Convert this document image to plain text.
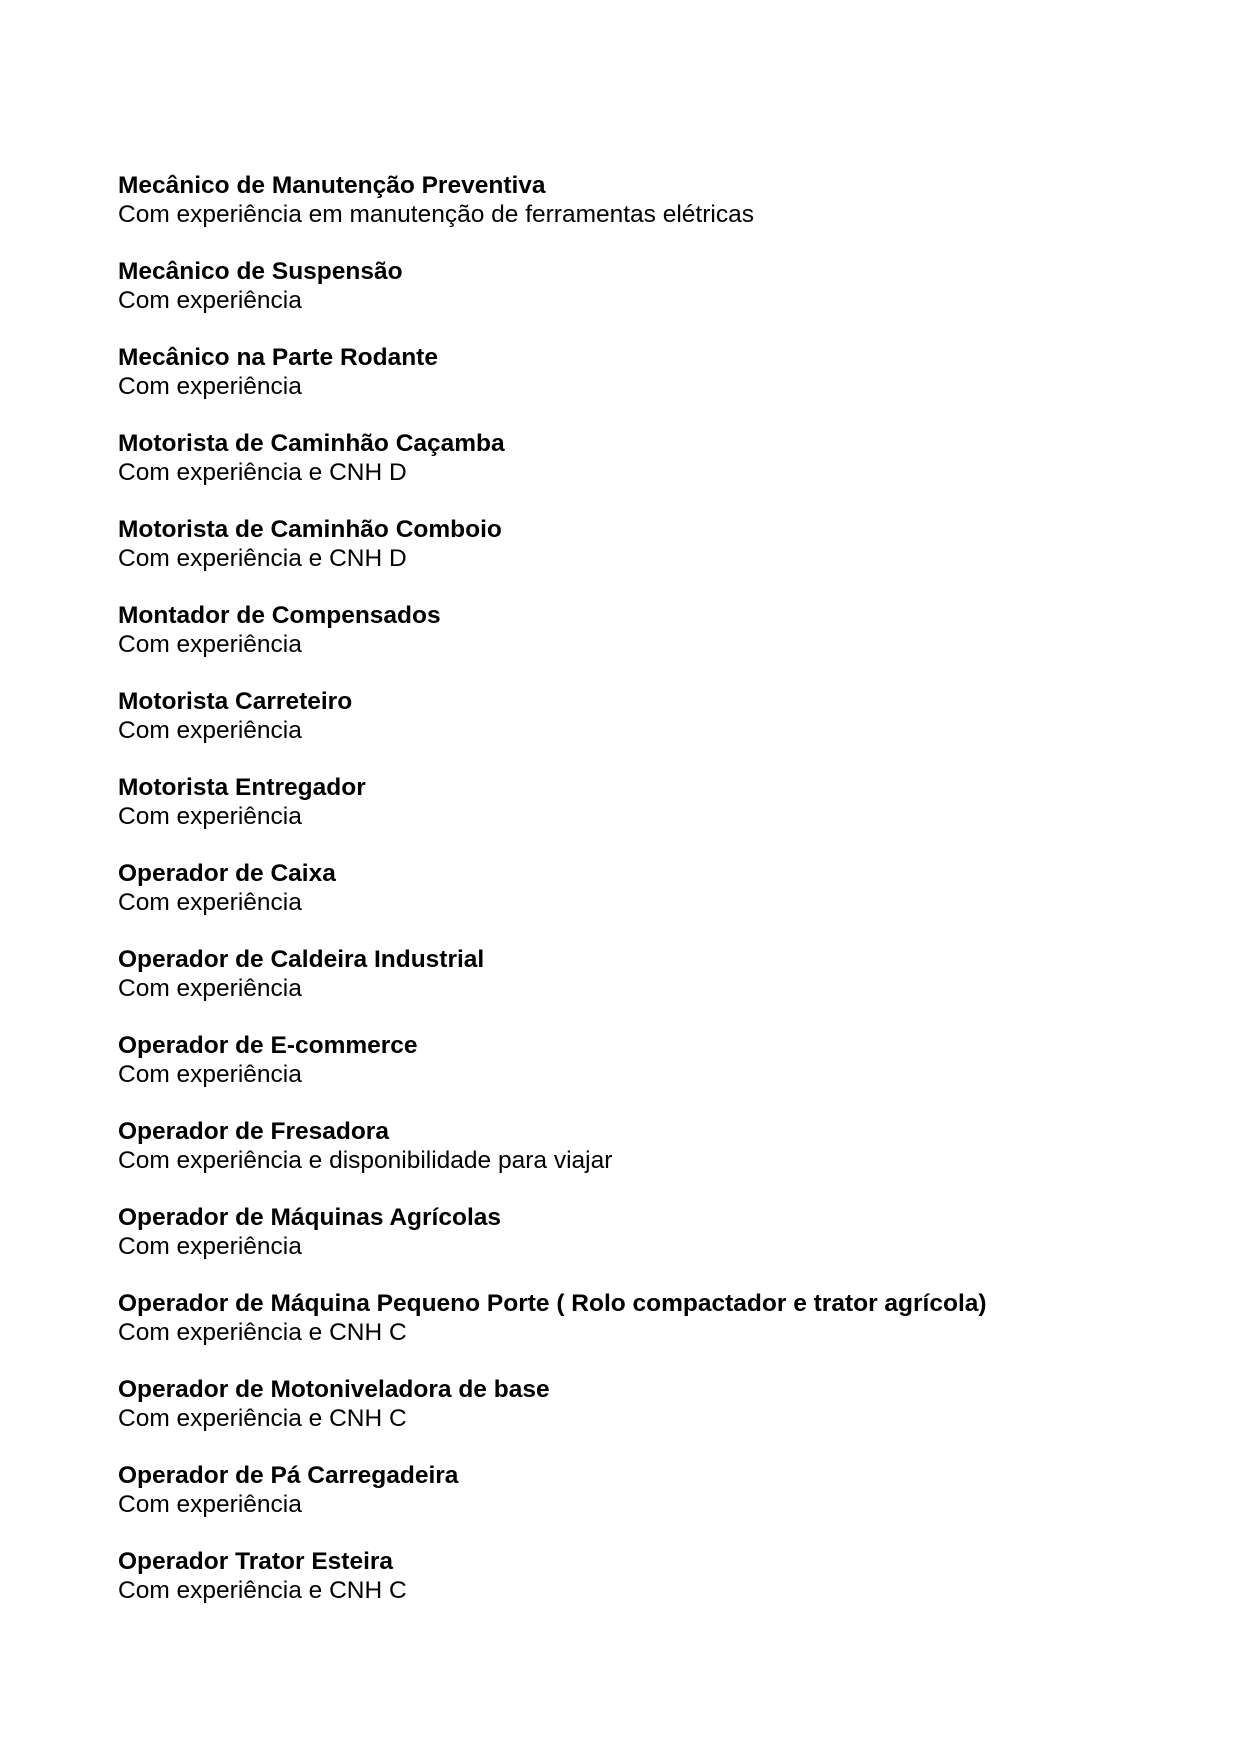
Mecânico de Manutenção Preventiva
Com experiência em manutenção de ferramentas elétricas
Mecânico de Suspensão
Com experiência
Mecânico na Parte Rodante
Com experiência
Motorista de Caminhão Caçamba
Com experiência e CNH D
Motorista de Caminhão Comboio
Com experiência e CNH D
Montador de Compensados
Com experiência
Motorista Carreteiro
Com experiência
Motorista Entregador
Com experiência
Operador de Caixa
Com experiência
Operador de Caldeira Industrial
Com experiência
Operador de E-commerce
Com experiência
Operador de Fresadora
Com experiência e disponibilidade para viajar
Operador de Máquinas Agrícolas
Com experiência
Operador de Máquina Pequeno Porte ( Rolo compactador e trator agrícola)
Com experiência e CNH C
Operador de Motoniveladora de base
Com experiência e CNH C
Operador de Pá Carregadeira
Com experiência
Operador Trator Esteira
Com experiência e CNH C
